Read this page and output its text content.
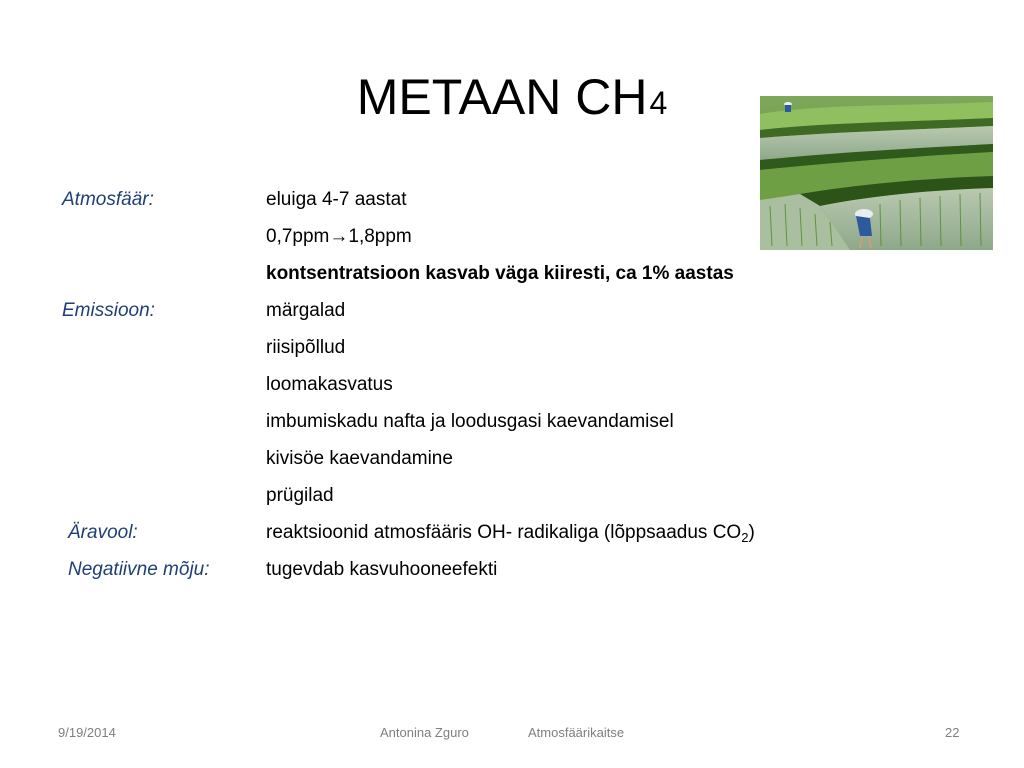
METAAN CH4
Atmosfäär:	eluiga 4-7 aastat
0,7ppm→1,8ppm
kontsentratsioon kasvab väga kiiresti, ca 1% aastas
Emissioon:	märgalad
riisipõllud
loomakasvatus
imbumiskadu nafta ja loodusgasi kaevandamisel
kivisöe kaevandamine
prügilad
Äravool:	reaktsioonid atmosfääris OH- radikaliga (lõppsaadus $CO_2$)
Negatiivne mõju:	tugevdab kasvuhooneefekti
9/19/2014	Antonina Zguro	Atmosfäärikaitse	22
